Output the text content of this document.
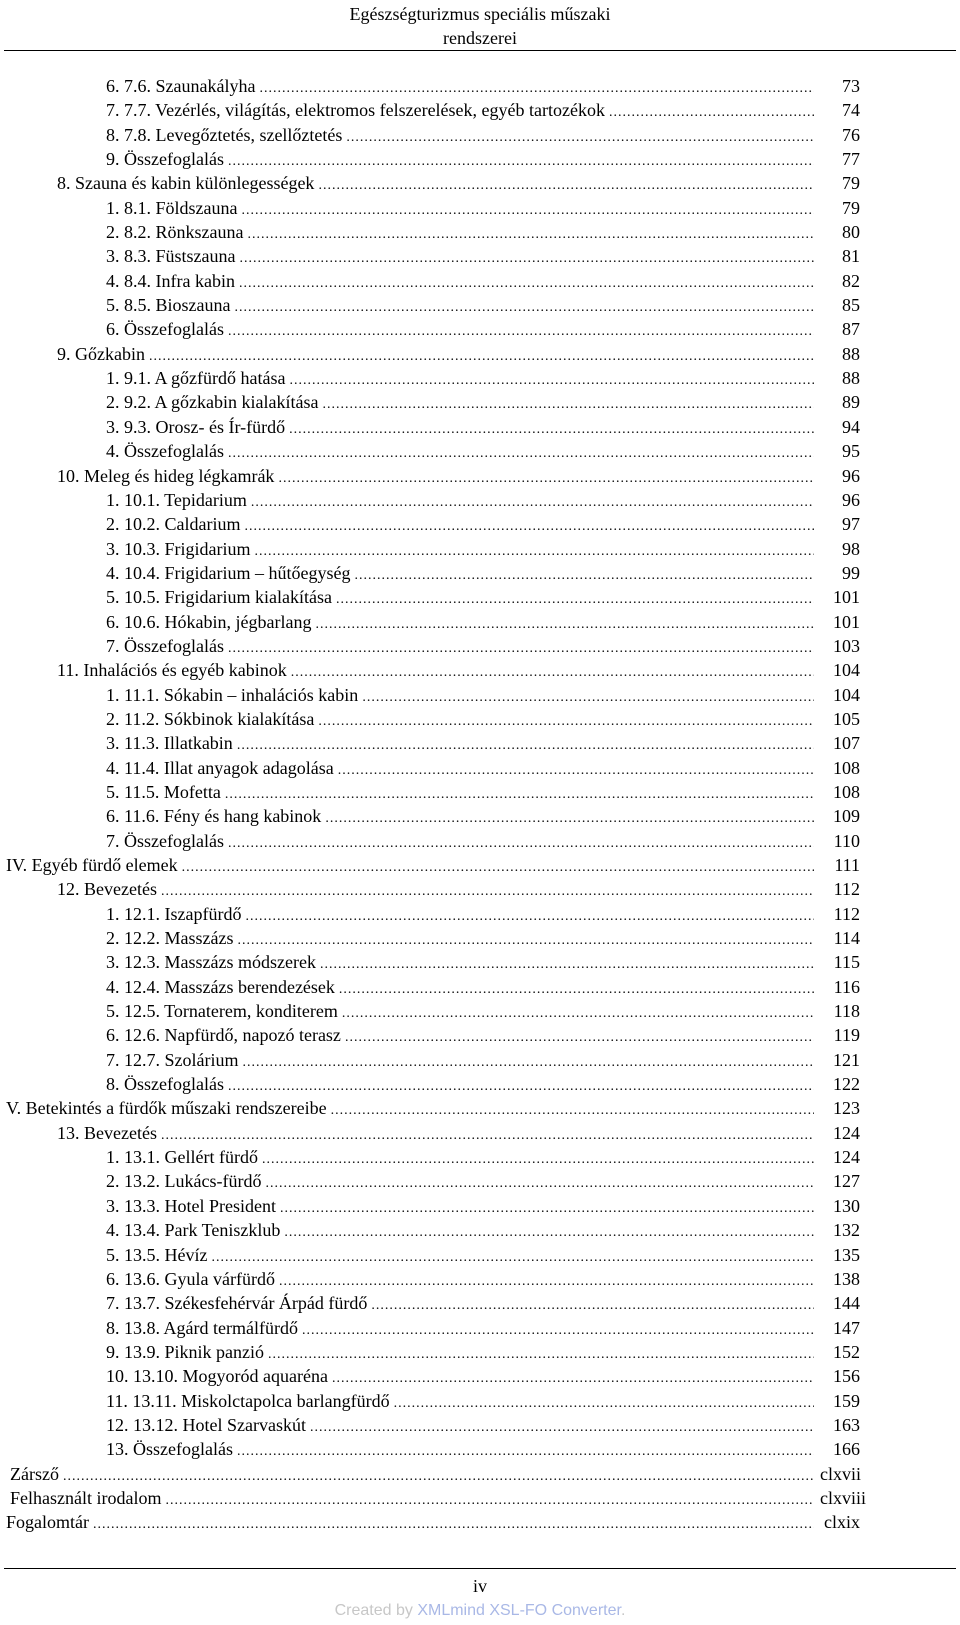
Egészségturizmus speciális műszaki
rendszerei
6. 7.6. Szaunakályha .....	73
7. 7.7. Vezérlés, világítás, elektromos felszerelések, egyéb tartozékok .....	74
8. 7.8. Levegőztetés, szellőztetés .....	76
9. Összefoglalás .....	77
8. Szauna és kabin különlegességek .....	79
1. 8.1. Földszauna .....	79
2. 8.2. Rönkszauna .....	80
3. 8.3. Füstszauna .....	81
4. 8.4. Infra kabin .....	82
5. 8.5. Bioszauna .....	85
6. Összefoglalás .....	87
9. Gőzkabin .....	88
1. 9.1. A gőzfürdő hatása .....	88
2. 9.2. A gőzkabin kialakítása .....	89
3. 9.3. Orosz- és Ír-fürdő .....	94
4. Összefoglalás .....	95
10. Meleg és hideg légkamrák .....	96
1. 10.1. Tepidarium .....	96
2. 10.2. Caldarium .....	97
3. 10.3. Frigidarium .....	98
4. 10.4. Frigidarium – hűtőegység .....	99
5. 10.5. Frigidarium kialakítása .....	101
6. 10.6. Hókabin, jégbarlang .....	101
7. Összefoglalás .....	103
11. Inhalációs és egyéb kabinok .....	104
1. 11.1. Sókabin – inhalációs kabin .....	104
2. 11.2. Sókbinok kialakítása .....	105
3. 11.3. Illatkabin .....	107
4. 11.4. Illat anyagok adagolása .....	108
5. 11.5. Mofetta .....	108
6. 11.6. Fény és hang kabinok .....	109
7. Összefoglalás .....	110
IV. Egyéb fürdő elemek .....	111
12. Bevezetés .....	112
1. 12.1. Iszapfürdő .....	112
2. 12.2. Masszázs .....	114
3. 12.3. Masszázs módszerek .....	115
4. 12.4. Masszázs berendezések .....	116
5. 12.5. Tornaterem, konditerem .....	118
6. 12.6. Napfürdő, napozó terasz .....	119
7. 12.7. Szolárium .....	121
8. Összefoglalás .....	122
V. Betekintés a fürdők műszaki rendszereibe .....	123
13. Bevezetés .....	124
1. 13.1. Gellért fürdő .....	124
2. 13.2. Lukács-fürdő .....	127
3. 13.3. Hotel President .....	130
4. 13.4. Park Teniszklub .....	132
5. 13.5. Hévíz .....	135
6. 13.6. Gyula várfürdő .....	138
7. 13.7. Székesfehérvár Árpád fürdő .....	144
8. 13.8. Agárd termálfürdő .....	147
9. 13.9. Piknik panzió .....	152
10. 13.10. Mogyoród aquaréna .....	156
11. 13.11. Miskolctapolca barlangfürdő .....	159
12. 13.12. Hotel Szarvaskút .....	163
13. Összefoglalás .....	166
Zársző .....	clxvii
Felhasznált irodalom .....	clxviii
Fogalomtár .....	clxix
iv
Created by XMLmind XSL-FO Converter.
